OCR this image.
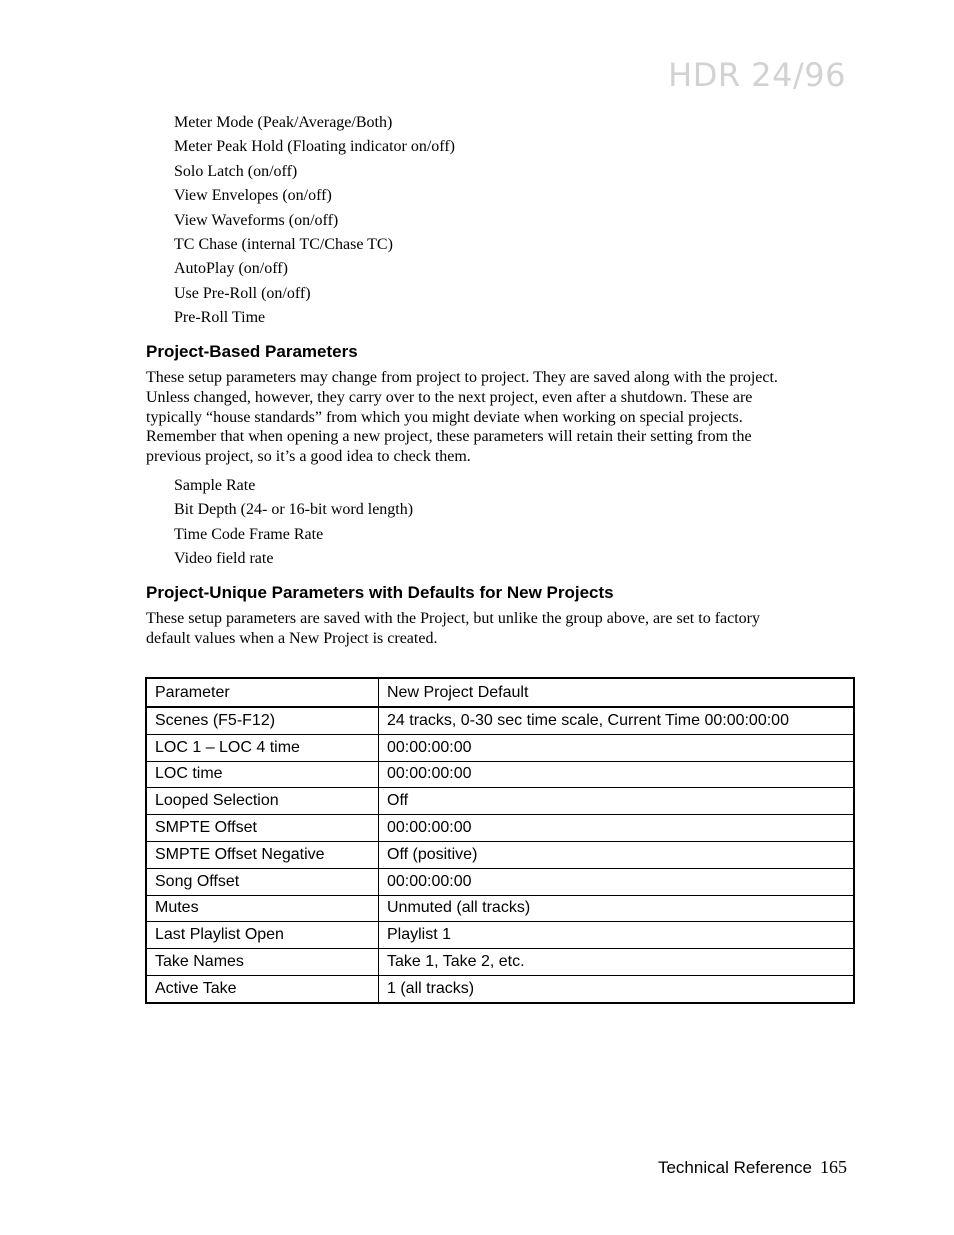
HDR 24/96
Meter Mode (Peak/Average/Both)
Meter Peak Hold (Floating indicator on/off)
Solo Latch (on/off)
View Envelopes (on/off)
View Waveforms (on/off)
TC Chase (internal TC/Chase TC)
AutoPlay (on/off)
Use Pre-Roll (on/off)
Pre-Roll Time
Project-Based Parameters

These setup parameters may change from project to project. They are saved along with the project.
Unless changed, however, they carry over to the next project, even after a shutdown. These are
typically “house standards” from which you might deviate when working on special projects.
Remember that when opening a new project, these parameters will retain their setting from the
previous project, so it’s a good idea to check them.

Sample Rate
Bit Depth (24- or 16-bit word length)
Time Code Frame Rate
Video field rate
Project-Unique Parameters with Defaults for New Projects

These setup parameters are saved with the Project, but unlike the group above, are set to factory
default values when a New Project is created.

Parameter	New Project Default
Scenes (F5-F12)	24 tracks, 0-30 sec time scale, Current Time 00:00:00:00
LOC 1 – LOC 4 time	00:00:00:00
LOC time	00:00:00:00
Looped Selection	Off
SMPTE Offset	00:00:00:00
SMPTE Offset Negative	Off (positive)
Song Offset	00:00:00:00
Mutes	Unmuted (all tracks)
Last Playlist Open	Playlist 1
Take Names	Take 1, Take 2, etc.
Active Take	1 (all tracks)
Technical Reference 165
